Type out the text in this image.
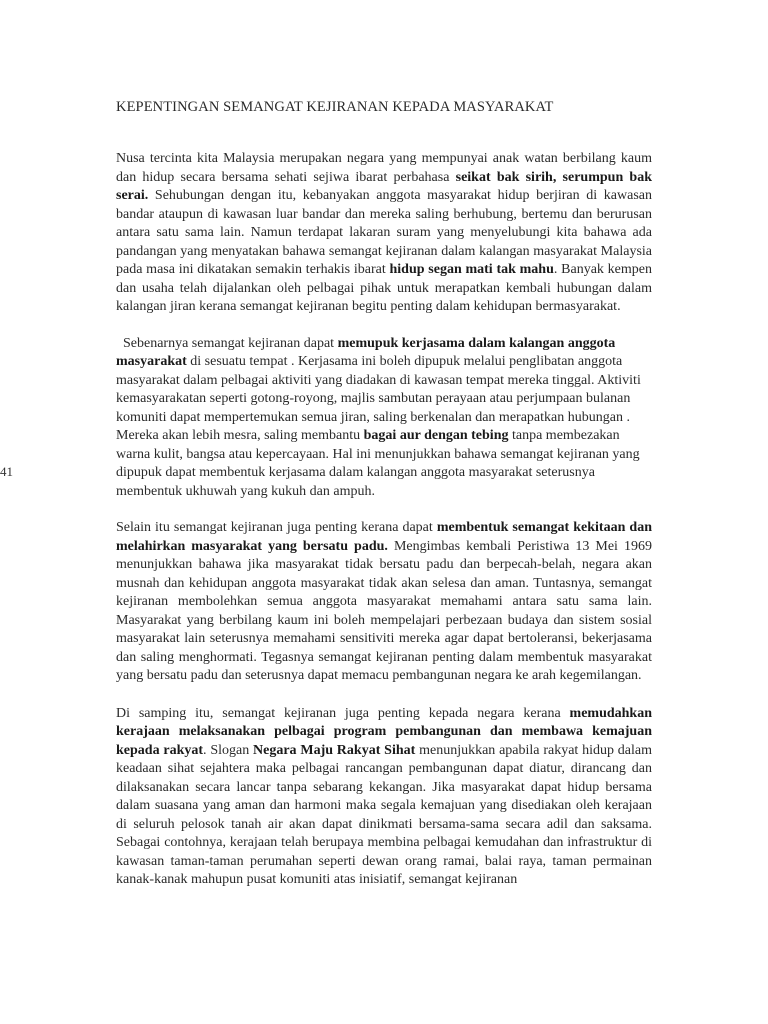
41
KEPENTINGAN SEMANGAT KEJIRANAN KEPADA MASYARAKAT

Nusa tercinta kita Malaysia merupakan negara yang mempunyai anak watan berbilang kaum dan hidup secara bersama sehati sejiwa ibarat perbahasa seikat bak sirih, serumpun bak serai. Sehubungan dengan itu, kebanyakan anggota masyarakat hidup berjiran di kawasan bandar ataupun di kawasan luar bandar dan mereka saling berhubung, bertemu dan berurusan antara satu sama lain. Namun terdapat lakaran suram yang menyelubungi kita bahawa ada pandangan yang menyatakan bahawa semangat kejiranan dalam kalangan masyarakat Malaysia pada masa ini dikatakan semakin terhakis ibarat hidup segan mati tak mahu. Banyak kempen dan usaha telah dijalankan oleh pelbagai pihak untuk merapatkan kembali hubungan dalam kalangan jiran kerana semangat kejiranan begitu penting dalam kehidupan bermasyarakat.

Sebenarnya semangat kejiranan dapat memupuk kerjasama dalam kalangan anggota masyarakat di sesuatu tempat . Kerjasama ini boleh dipupuk melalui penglibatan anggota masyarakat dalam pelbagai aktiviti yang diadakan di kawasan tempat mereka tinggal. Aktiviti kemasyarakatan seperti gotong-royong, majlis sambutan perayaan atau perjumpaan bulanan komuniti dapat mempertemukan semua jiran, saling berkenalan dan merapatkan hubungan . Mereka akan lebih mesra, saling membantu bagai aur dengan tebing tanpa membezakan warna kulit, bangsa atau kepercayaan. Hal ini menunjukkan bahawa semangat kejiranan yang dipupuk dapat membentuk kerjasama dalam kalangan anggota masyarakat seterusnya membentuk ukhuwah yang kukuh dan ampuh.

Selain itu semangat kejiranan juga penting kerana dapat membentuk semangat kekitaan dan melahirkan masyarakat yang bersatu padu. Mengimbas kembali Peristiwa 13 Mei 1969 menunjukkan bahawa jika masyarakat tidak bersatu padu dan berpecah-belah, negara akan musnah dan kehidupan anggota masyarakat tidak akan selesa dan aman. Tuntasnya, semangat kejiranan membolehkan semua anggota masyarakat memahami antara satu sama lain. Masyarakat yang berbilang kaum ini boleh mempelajari perbezaan budaya dan sistem sosial masyarakat lain seterusnya memahami sensitiviti mereka agar dapat bertoleransi, bekerjasama dan saling menghormati. Tegasnya semangat kejiranan penting dalam membentuk masyarakat yang bersatu padu dan seterusnya dapat memacu pembangunan negara ke arah kegemilangan.

Di samping itu, semangat kejiranan juga penting kepada negara kerana memudahkan kerajaan melaksanakan pelbagai program pembangunan dan membawa kemajuan kepada rakyat. Slogan Negara Maju Rakyat Sihat menunjukkan apabila rakyat hidup dalam keadaan sihat sejahtera maka pelbagai rancangan pembangunan dapat diatur, dirancang dan dilaksanakan secara lancar tanpa sebarang kekangan. Jika masyarakat dapat hidup bersama dalam suasana yang aman dan harmoni maka segala kemajuan yang disediakan oleh kerajaan di seluruh pelosok tanah air akan dapat dinikmati bersama-sama secara adil dan saksama. Sebagai contohnya, kerajaan telah berupaya membina pelbagai kemudahan dan infrastruktur di kawasan taman-taman perumahan seperti dewan orang ramai, balai raya, taman permainan kanak-kanak mahupun pusat komuniti atas inisiatif, semangat kejiranan
